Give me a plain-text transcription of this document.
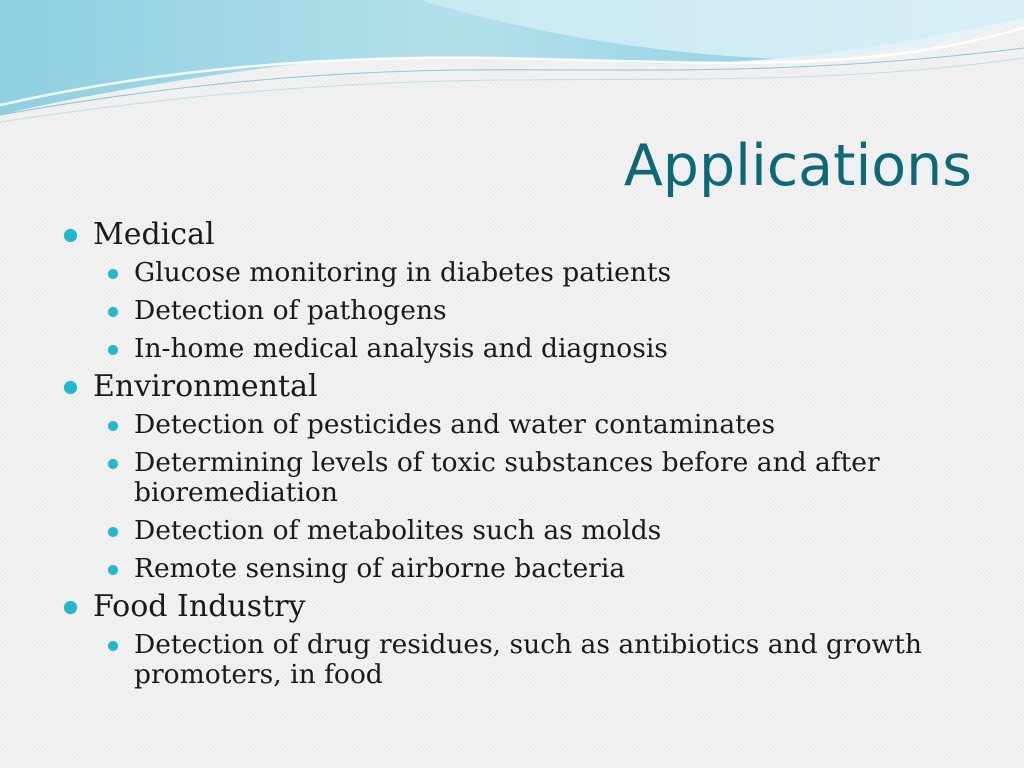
Applications
Medical
Glucose monitoring in diabetes patients
Detection of pathogens
In-home medical analysis and diagnosis
Environmental
Detection of pesticides and water contaminates
Determining levels of toxic substances before and after bioremediation
Detection of metabolites such as molds
Remote sensing of airborne bacteria
Food Industry
Detection of drug residues, such as antibiotics and growth promoters, in food
